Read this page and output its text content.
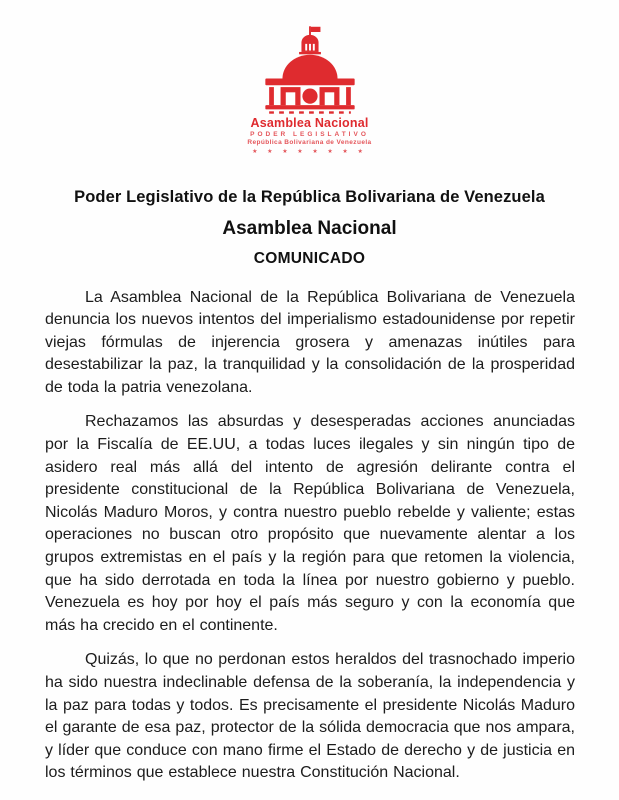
Asamblea Nacional
PODER LEGISLATIVO
República Bolivariana de Venezuela
★ ★ ★ ★ ★ ★ ★ ★
Poder Legislativo de la República Bolivariana de Venezuela
Asamblea Nacional
COMUNICADO

La Asamblea Nacional de la República Bolivariana de Venezuela denuncia los nuevos intentos del imperialismo estadounidense por repetir viejas fórmulas de injerencia grosera y amenazas inútiles para desestabilizar la paz, la tranquilidad y la consolidación de la prosperidad de toda la patria venezolana.

Rechazamos las absurdas y desesperadas acciones anunciadas por la Fiscalía de EE.UU, a todas luces ilegales y sin ningún tipo de asidero real más allá del intento de agresión delirante contra el presidente constitucional de la República Bolivariana de Venezuela, Nicolás Maduro Moros, y contra nuestro pueblo rebelde y valiente; estas operaciones no buscan otro propósito que nuevamente alentar a los grupos extremistas en el país y la región para que retomen la violencia, que ha sido derrotada en toda la línea por nuestro gobierno y pueblo. Venezuela es hoy por hoy el país más seguro y con la economía que más ha crecido en el continente.

Quizás, lo que no perdonan estos heraldos del trasnochado imperio ha sido nuestra indeclinable defensa de la soberanía, la independencia y la paz para todas y todos. Es precisamente el presidente Nicolás Maduro el garante de esa paz, protector de la sólida democracia que nos ampara, y líder que conduce con mano firme el Estado de derecho y de justicia en los términos que establece nuestra Constitución Nacional.
